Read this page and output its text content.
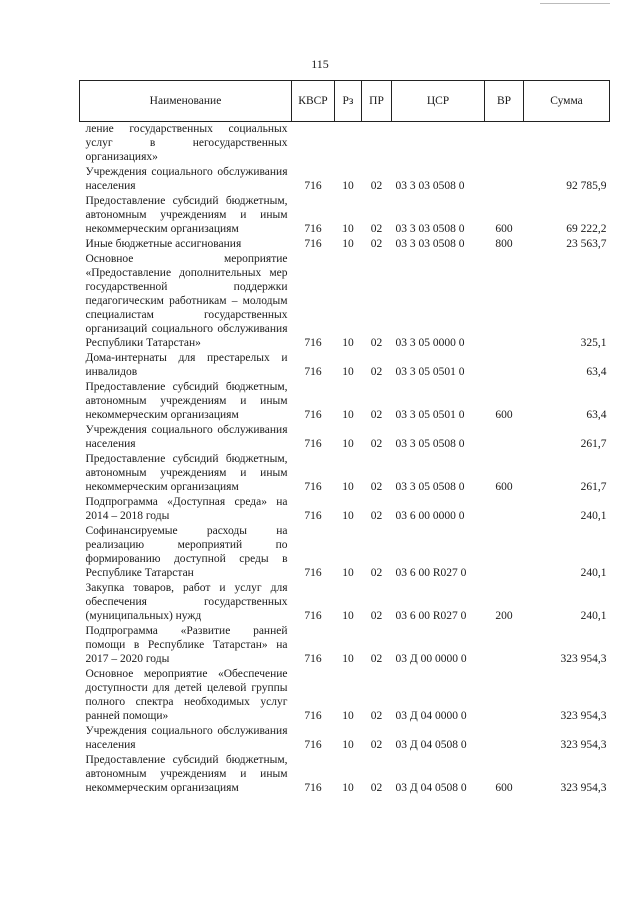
115
Наименование	КВСР	Рз	ПР	ЦСР	ВР	Сумма
ление государственных социальных услуг в негосударственных организациях»						
Учреждения социального обслуживания населения	716	10	02	03 3 03 0508 0		92 785,9
Предоставление субсидий бюджетным, автономным учреждениям и иным некоммерческим организациям	716	10	02	03 3 03 0508 0	600	69 222,2
Иные бюджетные ассигнования	716	10	02	03 3 03 0508 0	800	23 563,7
Основное мероприятие «Предоставление дополнительных мер государственной поддержки педагогическим работникам – молодым специалистам государственных организаций социального обслуживания Республики Татарстан»	716	10	02	03 3 05 0000 0		325,1
Дома-интернаты для престарелых и инвалидов	716	10	02	03 3 05 0501 0		63,4
Предоставление субсидий бюджетным, автономным учреждениям и иным некоммерческим организациям	716	10	02	03 3 05 0501 0	600	63,4
Учреждения социального обслуживания населения	716	10	02	03 3 05 0508 0		261,7
Предоставление субсидий бюджетным, автономным учреждениям и иным некоммерческим организациям	716	10	02	03 3 05 0508 0	600	261,7
Подпрограмма «Доступная среда» на 2014 – 2018 годы	716	10	02	03 6 00 0000 0		240,1
Софинансируемые расходы на реализацию мероприятий по формированию доступной среды в Республике Татарстан	716	10	02	03 6 00 R027 0		240,1
Закупка товаров, работ и услуг для обеспечения государственных (муниципальных) нужд	716	10	02	03 6 00 R027 0	200	240,1
Подпрограмма «Развитие ранней помощи в Республике Татарстан» на 2017 – 2020 годы	716	10	02	03 Д 00 0000 0		323 954,3
Основное мероприятие «Обеспечение доступности для детей целевой группы полного спектра необходимых услуг ранней помощи»	716	10	02	03 Д 04 0000 0		323 954,3
Учреждения социального обслуживания населения	716	10	02	03 Д 04 0508 0		323 954,3
Предоставление субсидий бюджетным, автономным учреждениям и иным некоммерческим организациям	716	10	02	03 Д 04 0508 0	600	323 954,3
